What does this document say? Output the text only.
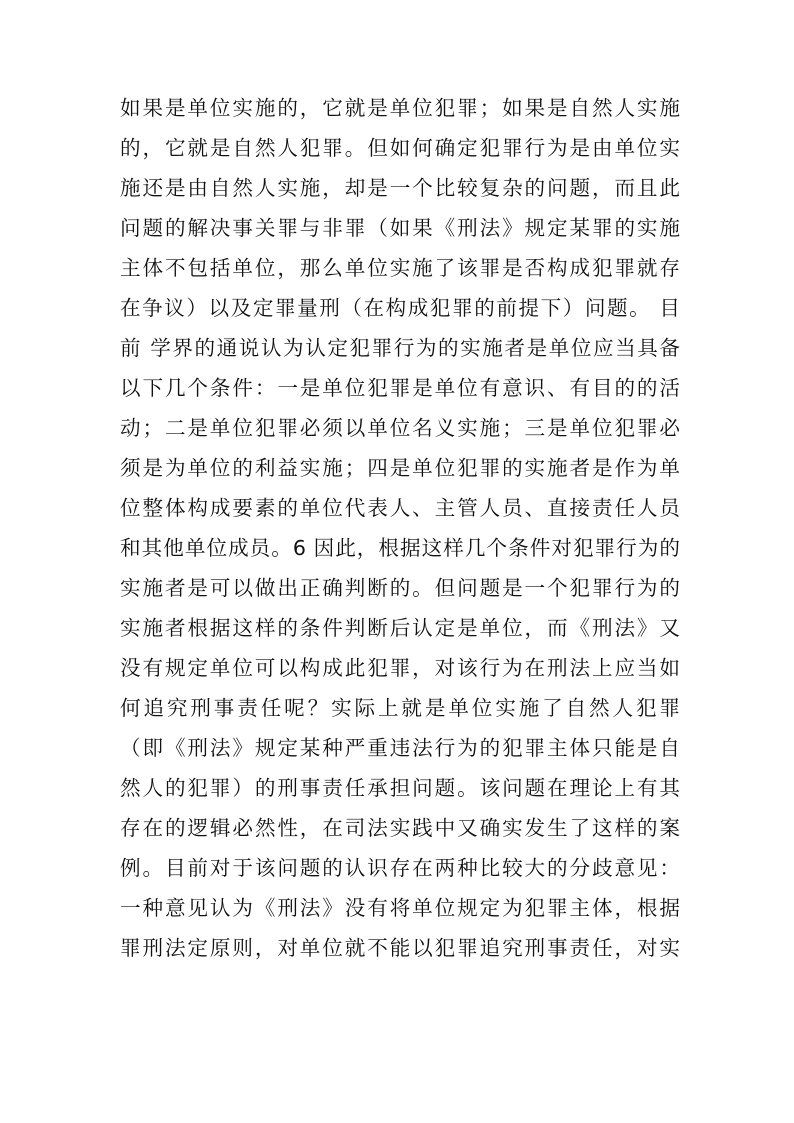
如果是单位实施的，它就是单位犯罪；如果是自然人实施
的，它就是自然人犯罪。但如何确定犯罪行为是由单位实
施还是由自然人实施，却是一个比较复杂的问题，而且此
问题的解决事关罪与非罪（如果《刑法》规定某罪的实施
主体不包括单位，那么单位实施了该罪是否构成犯罪就存
在争议）以及定罪量刑（在构成犯罪的前提下）问题。 目
前 学界的通说认为认定犯罪行为的实施者是单位应当具备
以下几个条件：一是单位犯罪是单位有意识、有目的的活
动；二是单位犯罪必须以单位名义实施；三是单位犯罪必
须是为单位的利益实施；四是单位犯罪的实施者是作为单
位整体构成要素的单位代表人、主管人员、直接责任人员
和其他单位成员。6 因此，根据这样几个条件对犯罪行为的
实施者是可以做出正确判断的。但问题是一个犯罪行为的
实施者根据这样的条件判断后认定是单位，而《刑法》又
没有规定单位可以构成此犯罪，对该行为在刑法上应当如
何追究刑事责任呢？实际上就是单位实施了自然人犯罪
（即《刑法》规定某种严重违法行为的犯罪主体只能是自
然人的犯罪）的刑事责任承担问题。该问题在理论上有其
存在的逻辑必然性，在司法实践中又确实发生了这样的案
例。目前对于该问题的认识存在两种比较大的分歧意见：
一种意见认为《刑法》没有将单位规定为犯罪主体，根据
罪刑法定原则，对单位就不能以犯罪追究刑事责任，对实
